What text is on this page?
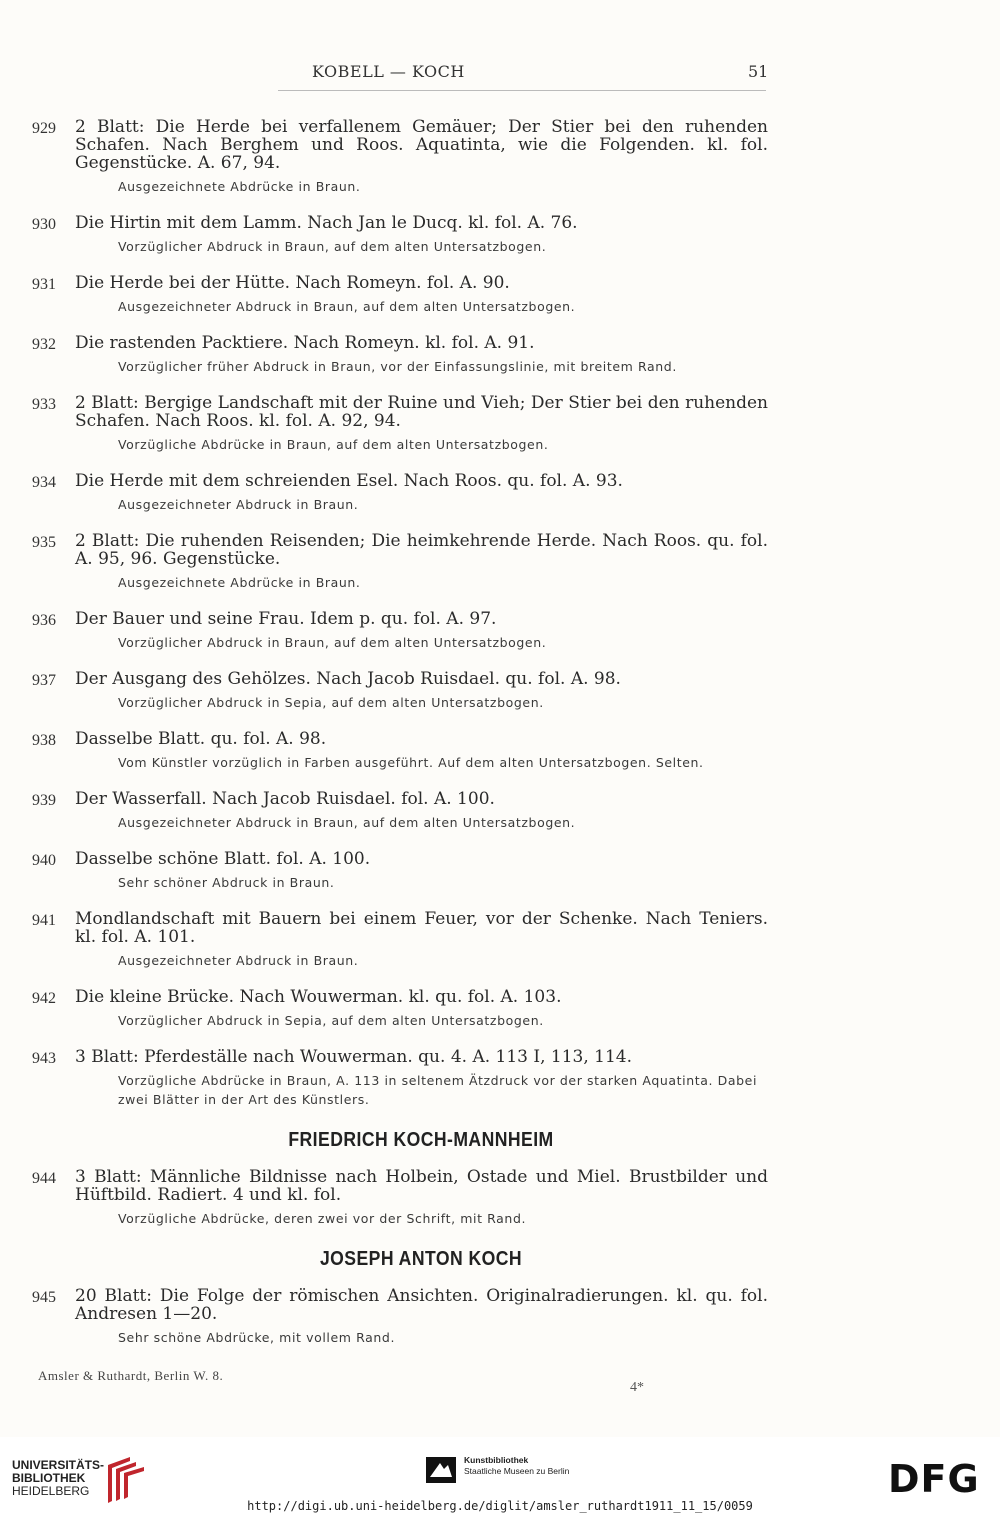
KOBELL — KOCH	51
929	2 Blatt: Die Herde bei verfallenem Gemäuer; Der Stier bei den ruhenden Schafen. Nach Berghem und Roos. Aquatinta, wie die Folgenden. kl. fol. Gegenstücke. A. 67, 94.
Ausgezeichnete Abdrücke in Braun.
930	Die Hirtin mit dem Lamm. Nach Jan le Ducq. kl. fol. A. 76.
Vorzüglicher Abdruck in Braun, auf dem alten Untersatzbogen.
931	Die Herde bei der Hütte. Nach Romeyn. fol. A. 90.
Ausgezeichneter Abdruck in Braun, auf dem alten Untersatzbogen.
932	Die rastenden Packtiere. Nach Romeyn. kl. fol. A. 91.
Vorzüglicher früher Abdruck in Braun, vor der Einfassungslinie, mit breitem Rand.
933	2 Blatt: Bergige Landschaft mit der Ruine und Vieh; Der Stier bei den ruhenden Schafen. Nach Roos. kl. fol. A. 92, 94.
Vorzügliche Abdrücke in Braun, auf dem alten Untersatzbogen.
934	Die Herde mit dem schreienden Esel. Nach Roos. qu. fol. A. 93.
Ausgezeichneter Abdruck in Braun.
935	2 Blatt: Die ruhenden Reisenden; Die heimkehrende Herde. Nach Roos. qu. fol. A. 95, 96. Gegenstücke.
Ausgezeichnete Abdrücke in Braun.
936	Der Bauer und seine Frau. Idem p. qu. fol. A. 97.
Vorzüglicher Abdruck in Braun, auf dem alten Untersatzbogen.
937	Der Ausgang des Gehölzes. Nach Jacob Ruisdael. qu. fol. A. 98.
Vorzüglicher Abdruck in Sepia, auf dem alten Untersatzbogen.
938	Dasselbe Blatt. qu. fol. A. 98.
Vom Künstler vorzüglich in Farben ausgeführt. Auf dem alten Untersatzbogen. Selten.
939	Der Wasserfall. Nach Jacob Ruisdael. fol. A. 100.
Ausgezeichneter Abdruck in Braun, auf dem alten Untersatzbogen.
940	Dasselbe schöne Blatt. fol. A. 100.
Sehr schöner Abdruck in Braun.
941	Mondlandschaft mit Bauern bei einem Feuer, vor der Schenke. Nach Teniers. kl. fol. A. 101.
Ausgezeichneter Abdruck in Braun.
942	Die kleine Brücke. Nach Wouwerman. kl. qu. fol. A. 103.
Vorzüglicher Abdruck in Sepia, auf dem alten Untersatzbogen.
943	3 Blatt: Pferdeställe nach Wouwerman. qu. 4. A. 113 I, 113, 114.
Vorzügliche Abdrücke in Braun, A. 113 in seltenem Ätzdruck vor der starken Aquatinta. Dabei zwei Blätter in der Art des Künstlers.
FRIEDRICH KOCH-MANNHEIM
944	3 Blatt: Männliche Bildnisse nach Holbein, Ostade und Miel. Brustbilder und Hüftbild. Radiert. 4 und kl. fol.
Vorzügliche Abdrücke, deren zwei vor der Schrift, mit Rand.
JOSEPH ANTON KOCH
945	20 Blatt: Die Folge der römischen Ansichten. Originalradierungen. kl. qu. fol. Andresen 1—20.
Sehr schöne Abdrücke, mit vollem Rand.
Amsler & Ruthardt, Berlin W. 8.
4*
UNIVERSITÄTS-
BIBLIOTHEK
HEIDELBERG
Kunstbibliothek
Staatliche Museen zu Berlin	DFG
http://digi.ub.uni-heidelberg.de/diglit/amsler_ruthardt1911_11_15/0059
